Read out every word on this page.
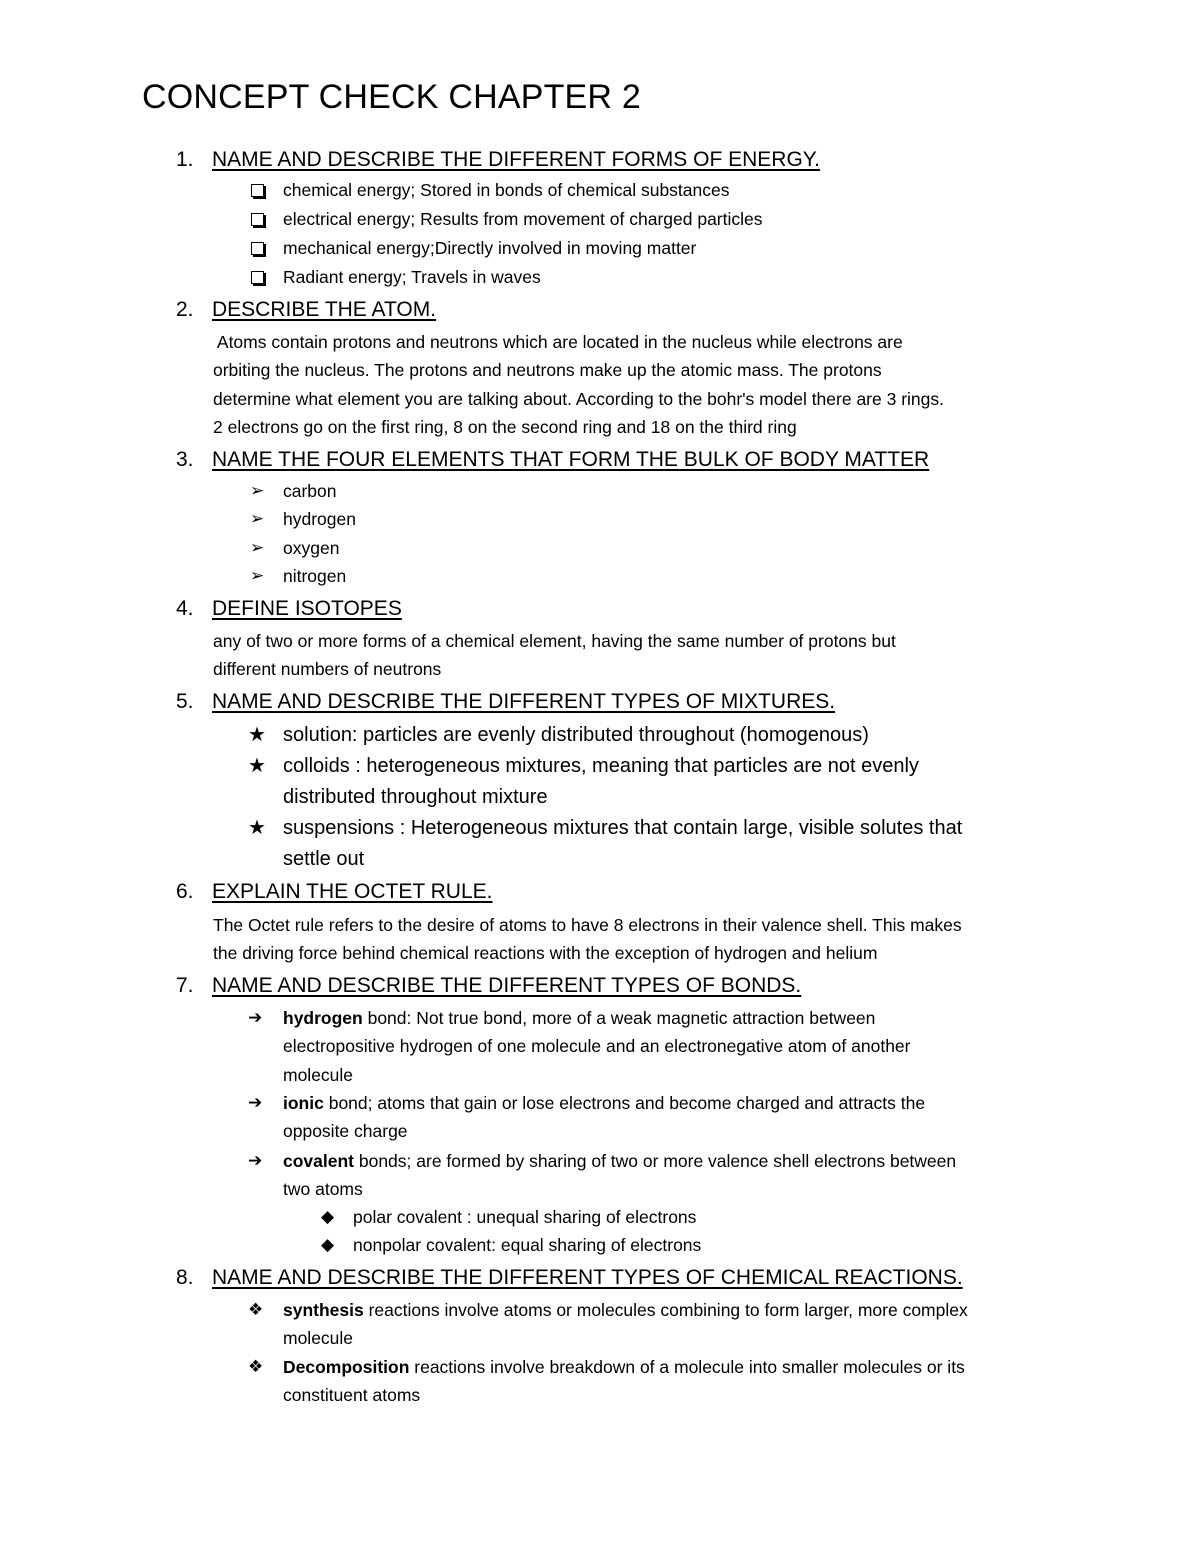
CONCEPT CHECK CHAPTER 2
1. NAME AND DESCRIBE THE DIFFERENT FORMS OF ENERGY.
chemical energy; Stored in bonds of chemical substances
electrical energy; Results from movement of charged particles
mechanical energy;Directly involved in moving matter
Radiant energy; Travels in waves
2. DESCRIBE THE ATOM.
Atoms contain protons and neutrons which are located in the nucleus while electrons are
orbiting the nucleus. The protons and neutrons make up the atomic mass. The protons
determine what element you are talking about. According to the bohr's model there are 3 rings.
2 electrons go on the first ring, 8 on the second ring and 18 on the third ring
3. NAME THE FOUR ELEMENTS THAT FORM THE BULK OF BODY MATTER
➢ carbon
➢ hydrogen
➢ oxygen
➢ nitrogen
4. DEFINE ISOTOPES
any of two or more forms of a chemical element, having the same number of protons but
different numbers of neutrons
5. NAME AND DESCRIBE THE DIFFERENT TYPES OF MIXTURES.
★ solution: particles are evenly distributed throughout (homogenous)
★ colloids : heterogeneous mixtures, meaning that particles are not evenly
distributed throughout mixture
★ suspensions : Heterogeneous mixtures that contain large, visible solutes that
settle out
6. EXPLAIN THE OCTET RULE.
The Octet rule refers to the desire of atoms to have 8 electrons in their valence shell. This makes
the driving force behind chemical reactions with the exception of hydrogen and helium
7. NAME AND DESCRIBE THE DIFFERENT TYPES OF BONDS.
➔ hydrogen bond: Not true bond, more of a weak magnetic attraction between
electropositive hydrogen of one molecule and an electronegative atom of another
molecule
➔ ionic bond; atoms that gain or lose electrons and become charged and attracts the
opposite charge
➔ covalent bonds; are formed by sharing of two or more valence shell electrons between
two atoms
◆ polar covalent : unequal sharing of electrons
◆ nonpolar covalent: equal sharing of electrons
8. NAME AND DESCRIBE THE DIFFERENT TYPES OF CHEMICAL REACTIONS.
❖ synthesis reactions involve atoms or molecules combining to form larger, more complex
molecule
❖ Decomposition reactions involve breakdown of a molecule into smaller molecules or its
constituent atoms
